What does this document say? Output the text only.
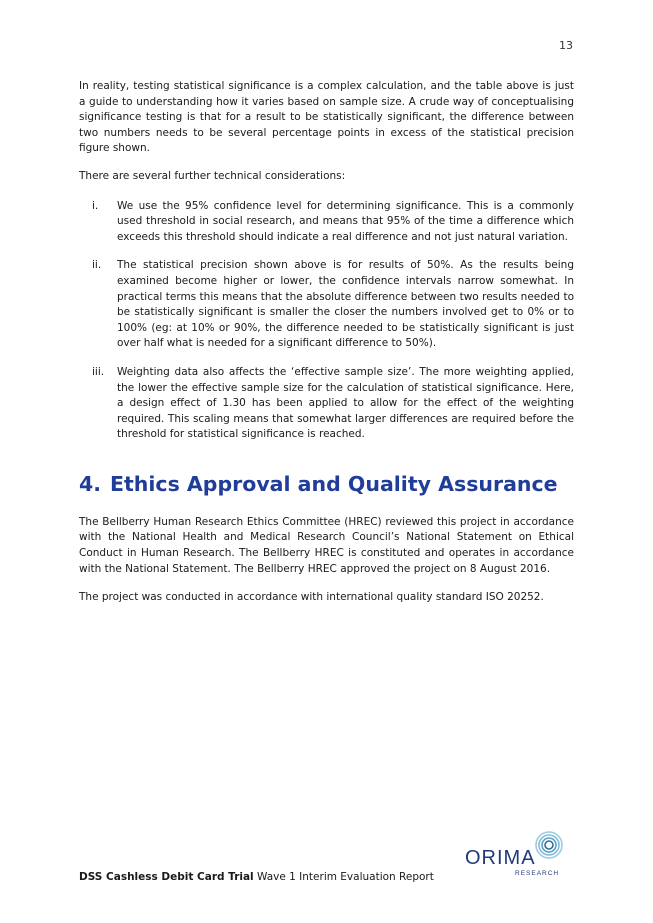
13

In reality, testing statistical significance is a complex calculation, and the table above is just a guide to understanding how it varies based on sample size. A crude way of conceptualising significance testing is that for a result to be statistically significant, the difference between two numbers needs to be several percentage points in excess of the statistical precision figure shown.

There are several further technical considerations:

i. We use the 95% confidence level for determining significance. This is a commonly used threshold in social research, and means that 95% of the time a difference which exceeds this threshold should indicate a real difference and not just natural variation.

ii. The statistical precision shown above is for results of 50%. As the results being examined become higher or lower, the confidence intervals narrow somewhat. In practical terms this means that the absolute difference between two results needed to be statistically significant is smaller the closer the numbers involved get to 0% or to 100% (eg: at 10% or 90%, the difference needed to be statistically significant is just over half what is needed for a significant difference to 50%).

iii. Weighting data also affects the ‘effective sample size’. The more weighting applied, the lower the effective sample size for the calculation of statistical significance. Here, a design effect of 1.30 has been applied to allow for the effect of the weighting required. This scaling means that somewhat larger differences are required before the threshold for statistical significance is reached.

4. Ethics Approval and Quality Assurance

The Bellberry Human Research Ethics Committee (HREC) reviewed this project in accordance with the National Health and Medical Research Council’s National Statement on Ethical Conduct in Human Research. The Bellberry HREC is constituted and operates in accordance with the National Statement. The Bellberry HREC approved the project on 8 August 2016.

The project was conducted in accordance with international quality standard ISO 20252.

ORIMA
RESEARCH
DSS Cashless Debit Card Trial Wave 1 Interim Evaluation Report
